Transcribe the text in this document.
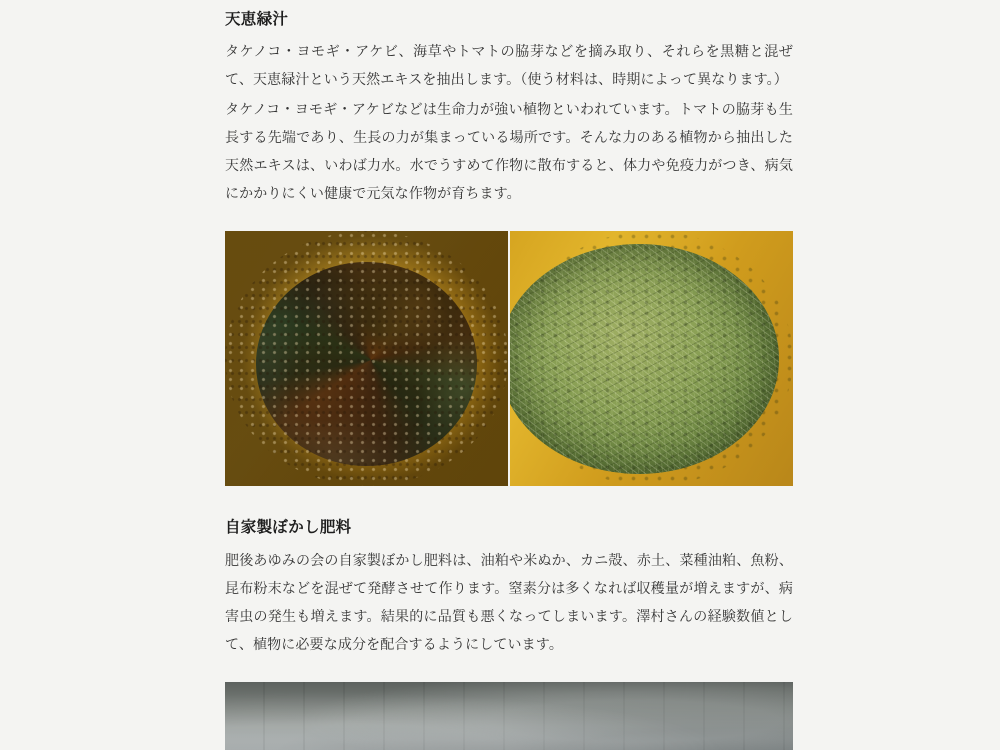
天恵緑汁

タケノコ・ヨモギ・アケビ、海草やトマトの脇芽などを摘み取り、それらを黒糖と混ぜて、天恵緑汁という天然エキスを抽出します。（使う材料は、時期によって異なります。）

タケノコ・ヨモギ・アケビなどは生命力が強い植物といわれています。トマトの脇芽も生長する先端であり、生長の力が集まっている場所です。そんな力のある植物から抽出した天然エキスは、いわば力水。水でうすめて作物に散布すると、体力や免疫力がつき、病気にかかりにくい健康で元気な作物が育ちます。

自家製ぼかし肥料

肥後あゆみの会の自家製ぼかし肥料は、油粕や米ぬか、カニ殻、赤土、菜種油粕、魚粉、昆布粉末などを混ぜて発酵させて作ります。窒素分は多くなれば収穫量が増えますが、病害虫の発生も増えます。結果的に品質も悪くなってしまいます。澤村さんの経験数値として、植物に必要な成分を配合するようにしています。
